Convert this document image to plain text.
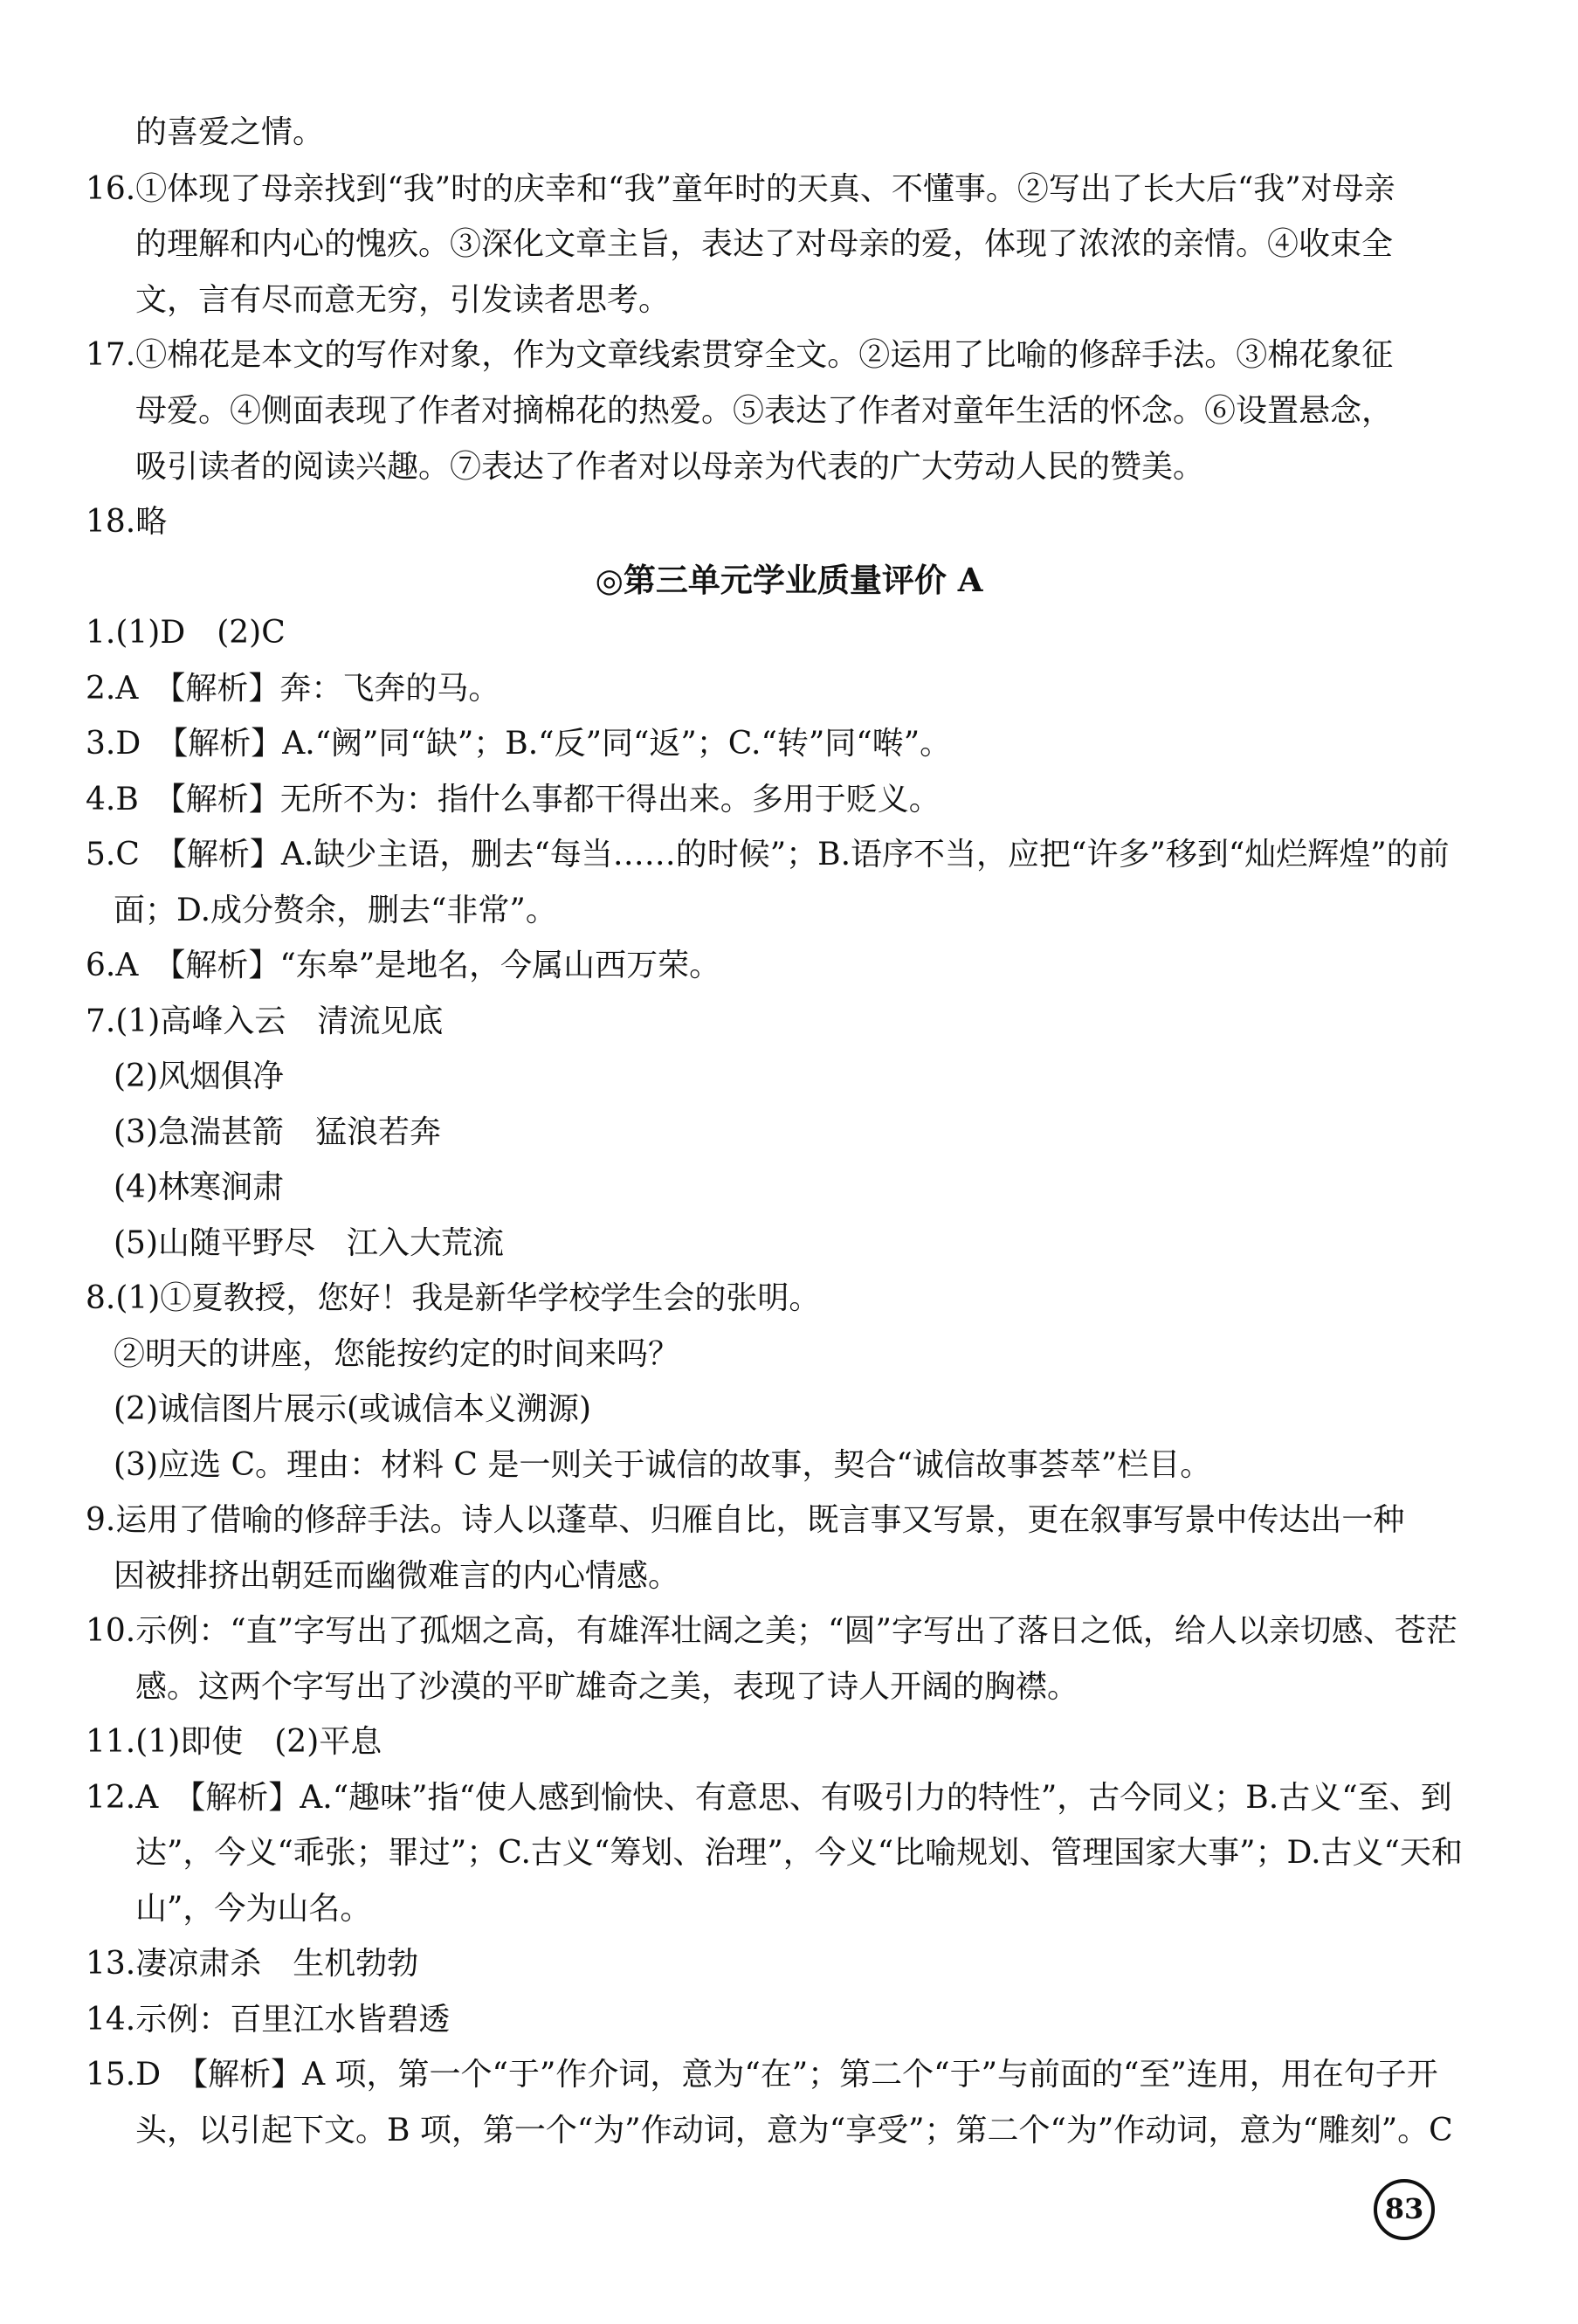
的喜爱之情。
16.①体现了母亲找到“我”时的庆幸和“我”童年时的天真、不懂事。②写出了长大后“我”对母亲
的理解和内心的愧疚。③深化文章主旨，表达了对母亲的爱，体现了浓浓的亲情。④收束全
文，言有尽而意无穷，引发读者思考。
17.①棉花是本文的写作对象，作为文章线索贯穿全文。②运用了比喻的修辞手法。③棉花象征
母爱。④侧面表现了作者对摘棉花的热爱。⑤表达了作者对童年生活的怀念。⑥设置悬念，
吸引读者的阅读兴趣。⑦表达了作者对以母亲为代表的广大劳动人民的赞美。
18.略
◎第三单元学业质量评价 A
1.(1)D　(2)C
2.A　【解析】奔：飞奔的马。
3.D　【解析】A.“阙”同“缺”；B.“反”同“返”；C.“转”同“啭”。
4.B　【解析】无所不为：指什么事都干得出来。多用于贬义。
5.C　【解析】A.缺少主语，删去“每当……的时候”；B.语序不当，应把“许多”移到“灿烂辉煌”的前
面；D.成分赘余，删去“非常”。
6.A　【解析】“东皋”是地名，今属山西万荣。
7.(1)高峰入云　清流见底
(2)风烟俱净
(3)急湍甚箭　猛浪若奔
(4)林寒涧肃
(5)山随平野尽　江入大荒流
8.(1)①夏教授，您好！我是新华学校学生会的张明。
②明天的讲座，您能按约定的时间来吗？
(2)诚信图片展示(或诚信本义溯源)
(3)应选 C。理由：材料 C 是一则关于诚信的故事，契合“诚信故事荟萃”栏目。
9.运用了借喻的修辞手法。诗人以蓬草、归雁自比，既言事又写景，更在叙事写景中传达出一种
因被排挤出朝廷而幽微难言的内心情感。
10.示例：“直”字写出了孤烟之高，有雄浑壮阔之美；“圆”字写出了落日之低，给人以亲切感、苍茫
感。这两个字写出了沙漠的平旷雄奇之美，表现了诗人开阔的胸襟。
11.(1)即使　(2)平息
12.A　【解析】A.“趣味”指“使人感到愉快、有意思、有吸引力的特性”，古今同义；B.古义“至、到
达”，今义“乖张；罪过”；C.古义“筹划、治理”，今义“比喻规划、管理国家大事”；D.古义“天和
山”，今为山名。
13.凄凉肃杀　生机勃勃
14.示例：百里江水皆碧透
15.D　【解析】A 项，第一个“于”作介词，意为“在”；第二个“于”与前面的“至”连用，用在句子开
头，以引起下文。B 项，第一个“为”作动词，意为“享受”；第二个“为”作动词，意为“雕刻”。C
83
